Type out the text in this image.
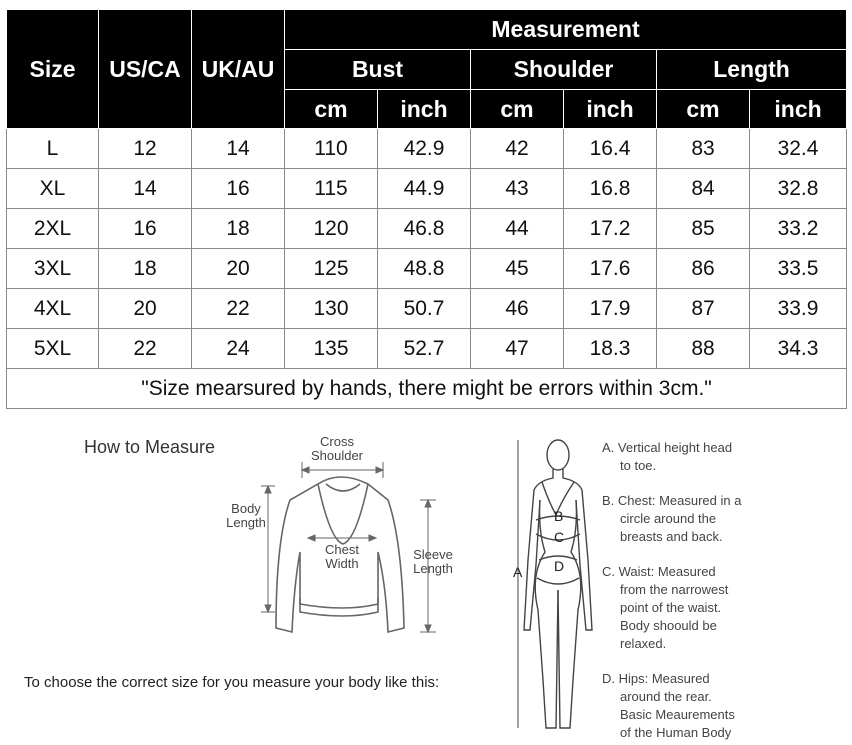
Size	US/CA	UK/AU	Measurement					
			Bust		Shoulder		Length	
			cm	inch	cm	inch	cm	inch
L	12	14	110	42.9	42	16.4	83	32.4
XL	14	16	115	44.9	43	16.8	84	32.8
2XL	16	18	120	46.8	44	17.2	85	33.2
3XL	18	20	125	48.8	45	17.6	86	33.5
4XL	20	22	130	50.7	46	17.9	87	33.9
5XL	22	24	135	52.7	47	18.3	88	34.3
"Size mearsured by hands, there might be errors within 3cm."								
How to Measure
A
B
C
D
Cross
Shoulder
Body
Length
Chest
Width
Sleeve
Length
To choose the correct size for you measure your body like this:
A. Vertical height head
to toe.
B. Chest: Measured in a
circle around the
breasts and back.
C. Waist: Measured
from the narrowest
point of the waist.
Body shoould be
relaxed.
D. Hips: Measured
around the rear.
Basic Meaurements
of the Human Body
